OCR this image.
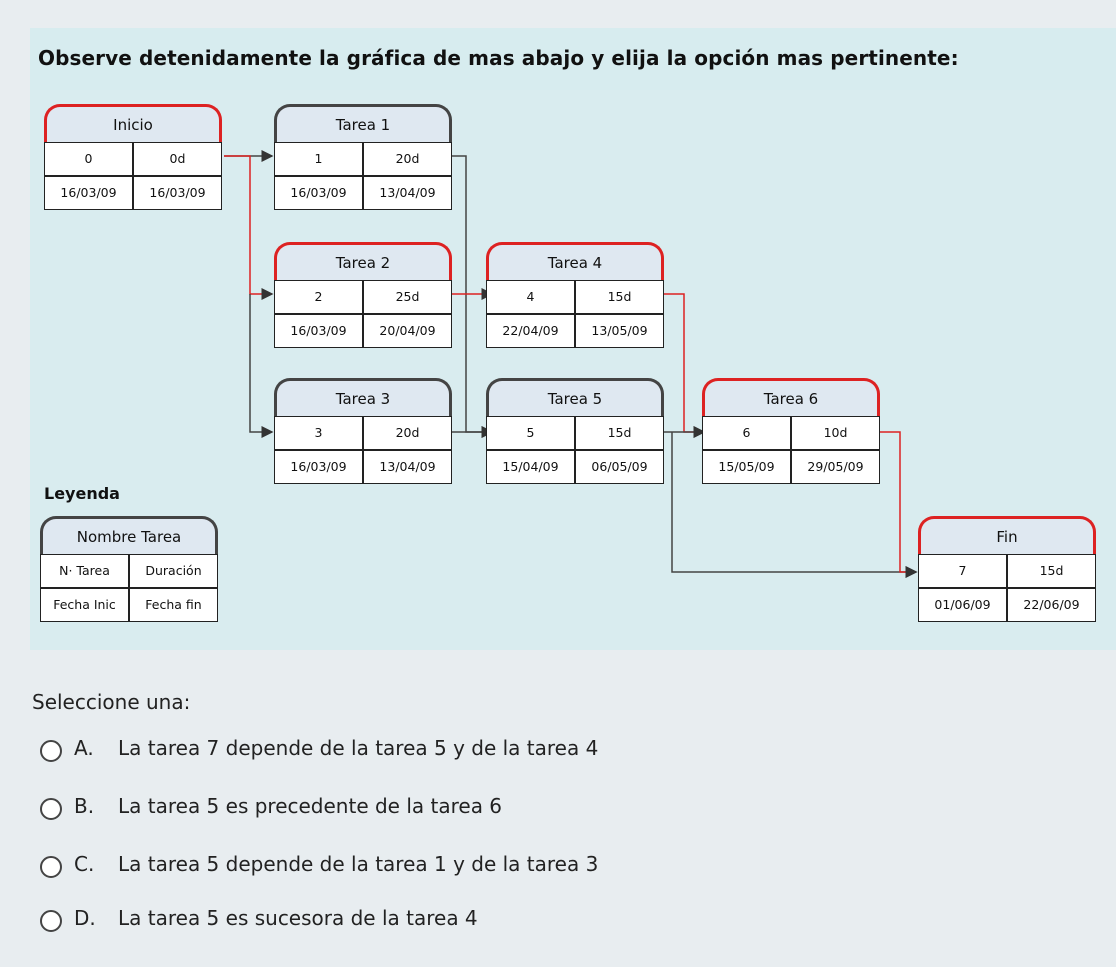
Observe detenidamente la gráfica de mas abajo y elija la opción mas pertinente:
Inicio
0	0d
16/03/09	16/03/09
Tarea 1
1	20d
16/03/09	13/04/09
Tarea 2
2	25d
16/03/09	20/04/09
Tarea 4
4	15d
22/04/09	13/05/09
Tarea 3
3	20d
16/03/09	13/04/09
Tarea 5
5	15d
15/04/09	06/05/09
Tarea 6
6	10d
15/05/09	29/05/09
Fin
7	15d
01/06/09	22/06/09
Leyenda
Nombre Tarea
N· Tarea	Duración
Fecha Inic	Fecha fin
Seleccione una:
A. La tarea 7 depende de la tarea 5 y de la tarea 4
B. La tarea 5 es precedente de la tarea 6
C. La tarea 5 depende de la tarea 1 y de la tarea 3
D. La tarea 5 es sucesora de la tarea 4
